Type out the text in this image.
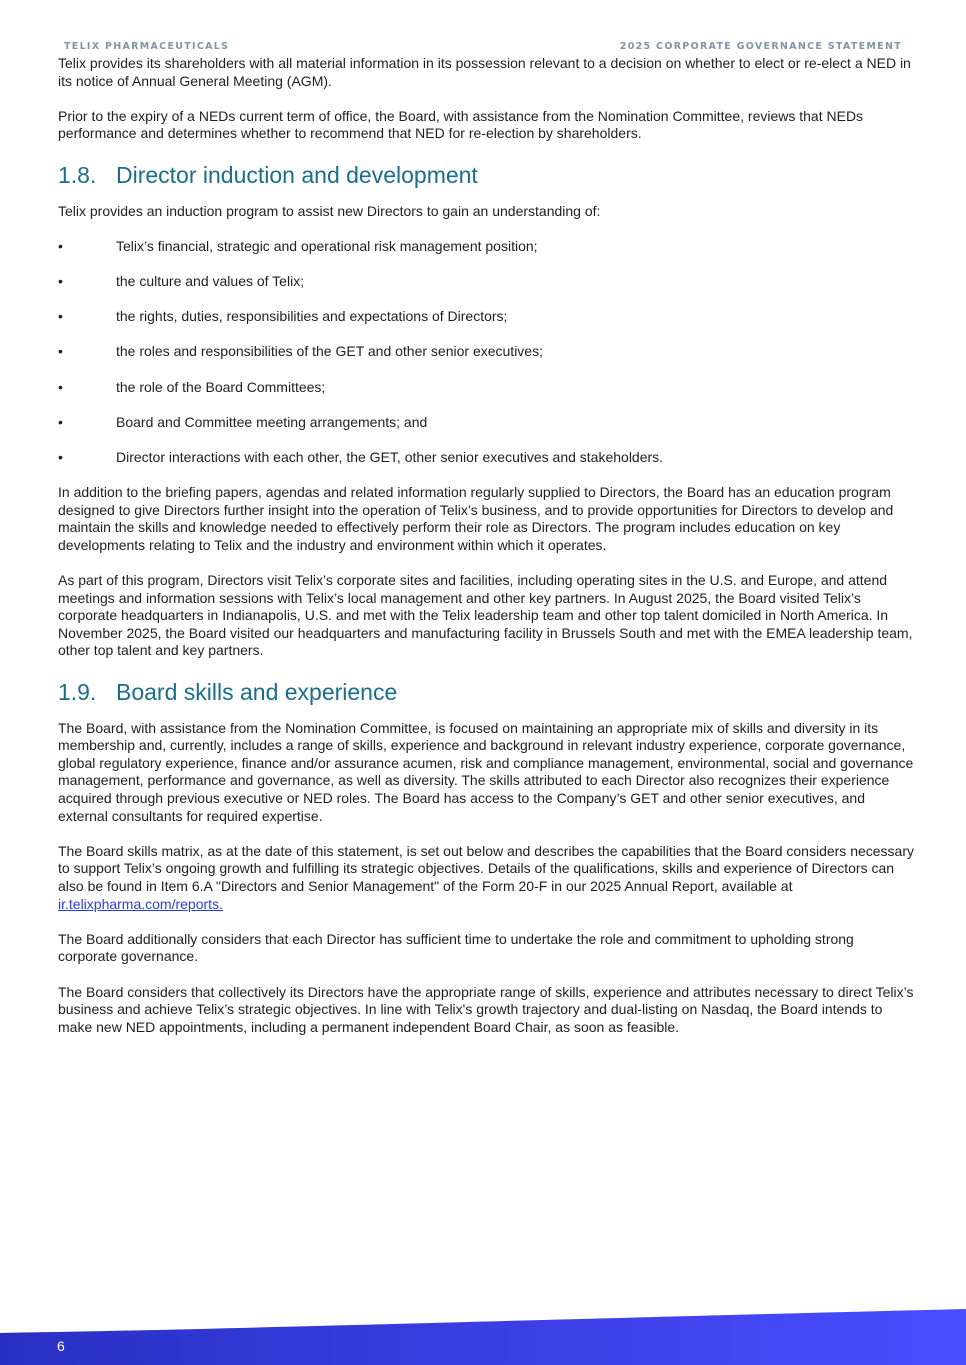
TELIX PHARMACEUTICALS	2025 CORPORATE GOVERNANCE STATEMENT

Telix provides its shareholders with all material information in its possession relevant to a decision on whether to elect or re-elect a NED in its notice of Annual General Meeting (AGM).

Prior to the expiry of a NEDs current term of office, the Board, with assistance from the Nomination Committee, reviews that NEDs performance and determines whether to recommend that NED for re-election by shareholders.

1.8. Director induction and development

Telix provides an induction program to assist new Directors to gain an understanding of:

•	Telix’s financial, strategic and operational risk management position;
•	the culture and values of Telix;
•	the rights, duties, responsibilities and expectations of Directors;
•	the roles and responsibilities of the GET and other senior executives;
•	the role of the Board Committees;
•	Board and Committee meeting arrangements; and
•	Director interactions with each other, the GET, other senior executives and stakeholders.

In addition to the briefing papers, agendas and related information regularly supplied to Directors, the Board has an education program designed to give Directors further insight into the operation of Telix’s business, and to provide opportunities for Directors to develop and maintain the skills and knowledge needed to effectively perform their role as Directors. The program includes education on key developments relating to Telix and the industry and environment within which it operates.

As part of this program, Directors visit Telix’s corporate sites and facilities, including operating sites in the U.S. and Europe, and attend meetings and information sessions with Telix’s local management and other key partners. In August 2025, the Board visited Telix’s corporate headquarters in Indianapolis, U.S. and met with the Telix leadership team and other top talent domiciled in North America. In November 2025, the Board visited our headquarters and manufacturing facility in Brussels South and met with the EMEA leadership team, other top talent and key partners.

1.9. Board skills and experience

The Board, with assistance from the Nomination Committee, is focused on maintaining an appropriate mix of skills and diversity in its membership and, currently, includes a range of skills, experience and background in relevant industry experience, corporate governance, global regulatory experience, finance and/or assurance acumen, risk and compliance management, environmental, social and governance management, performance and governance, as well as diversity. The skills attributed to each Director also recognizes their experience acquired through previous executive or NED roles. The Board has access to the Company’s GET and other senior executives, and external consultants for required expertise.

The Board skills matrix, as at the date of this statement, is set out below and describes the capabilities that the Board considers necessary to support Telix’s ongoing growth and fulfilling its strategic objectives. Details of the qualifications, skills and experience of Directors can also be found in Item 6.A "Directors and Senior Management" of the Form 20-F in our 2025 Annual Report, available at ir.telixpharma.com/reports.

The Board additionally considers that each Director has sufficient time to undertake the role and commitment to upholding strong corporate governance.

The Board considers that collectively its Directors have the appropriate range of skills, experience and attributes necessary to direct Telix’s business and achieve Telix’s strategic objectives. In line with Telix's growth trajectory and dual-listing on Nasdaq, the Board intends to make new NED appointments, including a permanent independent Board Chair, as soon as feasible.

6
